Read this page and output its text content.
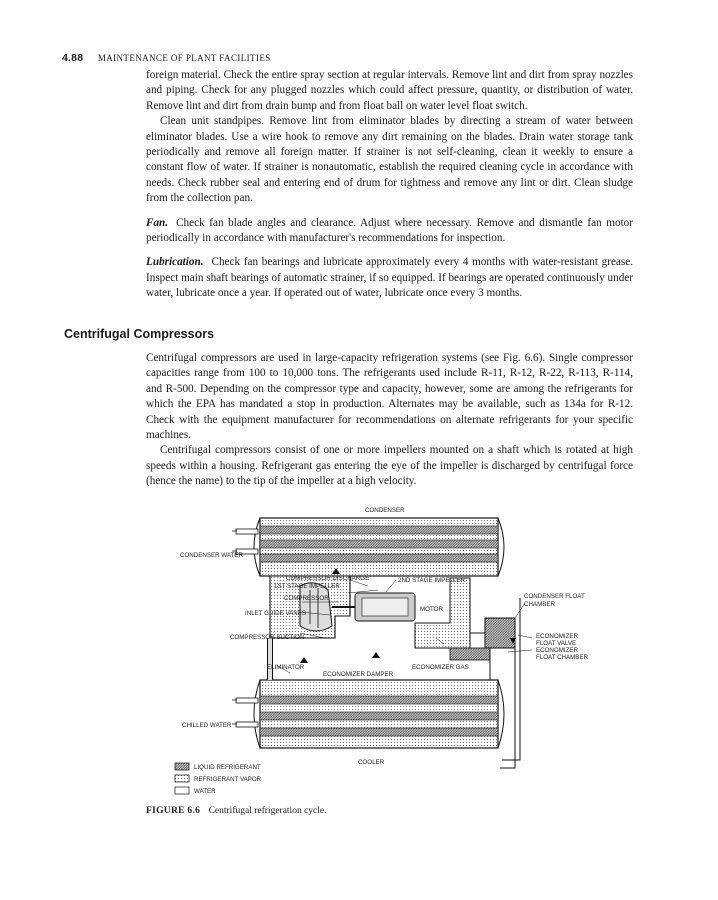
4.88 MAINTENANCE OF PLANT FACILITIES

foreign material. Check the entire spray section at regular intervals. Remove lint and dirt from spray nozzles and piping. Check for any plugged nozzles which could affect pressure, quantity, or distribution of water. Remove lint and dirt from drain bump and from float ball on water level float switch.

Clean unit standpipes. Remove lint from eliminator blades by directing a stream of water between eliminator blades. Use a wire hook to remove any dirt remaining on the blades. Drain water storage tank periodically and remove all foreign matter. If strainer is not self-cleaning, clean it weekly to ensure a constant flow of water. If strainer is nonautomatic, establish the required cleaning cycle in accordance with needs. Check rubber seal and entering end of drum for tightness and remove any lint or dirt. Clean sludge from the collection pan.

Fan. Check fan blade angles and clearance. Adjust where necessary. Remove and dismantle fan motor periodically in accordance with manufacturer's recommendations for inspection.

Lubrication. Check fan bearings and lubricate approximately every 4 months with water-resistant grease. Inspect main shaft bearings of automatic strainer, if so equipped. If bearings are operated continuously under water, lubricate once a year. If operated out of water, lubricate once every 3 months.

Centrifugal Compressors

Centrifugal compressors are used in large-capacity refrigeration systems (see Fig. 6.6). Single compressor capacities range from 100 to 10,000 tons. The refrigerants used include R-11, R-12, R-22, R-113, R-114, and R-500. Depending on the compressor type and capacity, however, some are among the refrigerants for which the EPA has mandated a stop in production. Alternates may be available, such as 134a for R-12. Check with the equipment manufacturer for recommendations on alternate refrigerants for your specific machines.

Centrifugal compressors consist of one or more impellers mounted on a shaft which is rotated at high speeds within a housing. Refrigerant gas entering the eye of the impeller is discharged by centrifugal force (hence the name) to the tip of the impeller at a high velocity.

CONDENSER
CONDENSER WATER
COMPRESSOR DISCHARGE
1ST STAGE IMPELLER
2ND STAGE IMPELLER
COMPRESSOR
INLET GUIDE VANES
MOTOR
COMPRESSOR SUCTION
ELIMINATOR	ECONOMIZER GAS
ECONOMIZER DAMPER
CONDENSER FLOAT
CHAMBER
ECONOMIZER
FLOAT VALVE
ECONOMIZER
FLOAT CHAMBER
CHILLED WATER
COOLER
LIQUID REFRIGERANT
REFRIGERANT VAPOR
WATER
FIGURE 6.6 Centrifugal refrigeration cycle.
